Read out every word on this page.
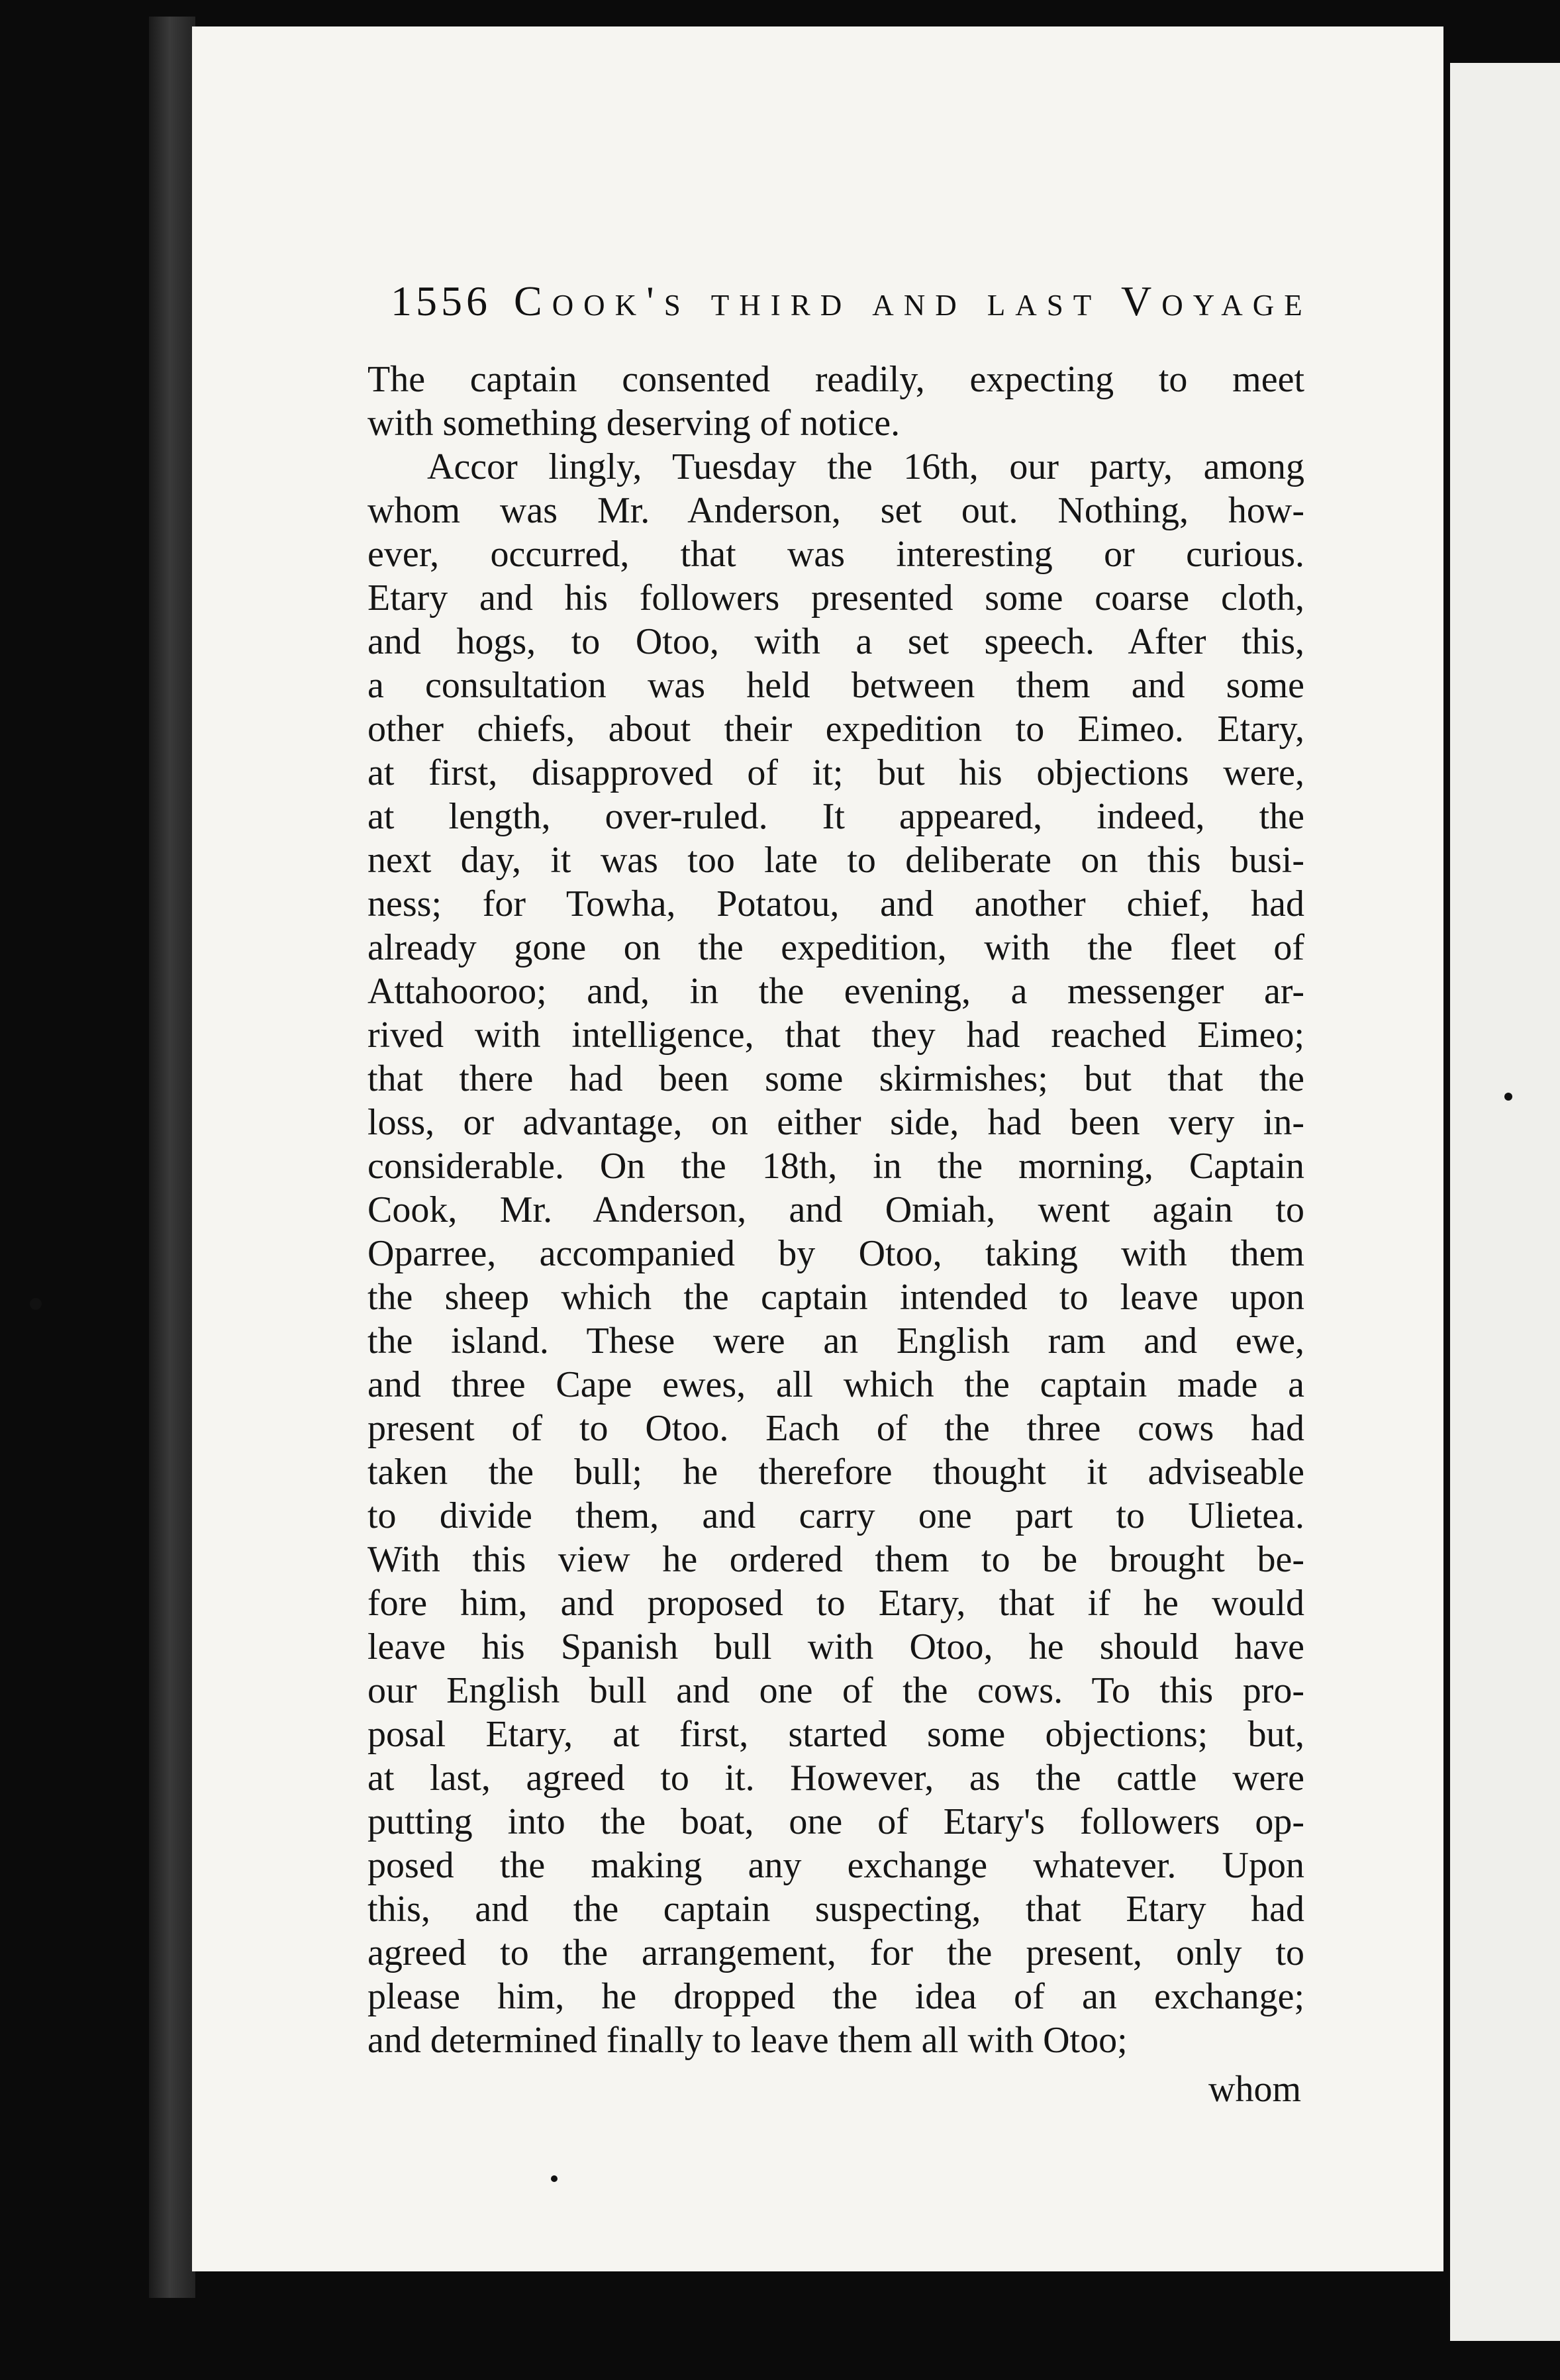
1556 Cook's third and last Voyage
The captain consented readily, expecting to meet
with something deserving of notice.
Accor lingly, Tuesday the 16th, our party, among
whom was Mr. Anderson, set out. Nothing, how-
ever, occurred, that was interesting or curious.
Etary and his followers presented some coarse cloth,
and hogs, to Otoo, with a set speech. After this,
a consultation was held between them and some
other chiefs, about their expedition to Eimeo. Etary,
at first, disapproved of it; but his objections were,
at length, over-ruled. It appeared, indeed, the
next day, it was too late to deliberate on this busi-
ness; for Towha, Potatou, and another chief, had
already gone on the expedition, with the fleet of
Attahooroo; and, in the evening, a messenger ar-
rived with intelligence, that they had reached Eimeo;
that there had been some skirmishes; but that the
loss, or advantage, on either side, had been very in-
considerable. On the 18th, in the morning, Captain
Cook, Mr. Anderson, and Omiah, went again to
Oparree, accompanied by Otoo, taking with them
the sheep which the captain intended to leave upon
the island. These were an English ram and ewe,
and three Cape ewes, all which the captain made a
present of to Otoo. Each of the three cows had
taken the bull; he therefore thought it adviseable
to divide them, and carry one part to Ulietea.
With this view he ordered them to be brought be-
fore him, and proposed to Etary, that if he would
leave his Spanish bull with Otoo, he should have
our English bull and one of the cows. To this pro-
posal Etary, at first, started some objections; but,
at last, agreed to it. However, as the cattle were
putting into the boat, one of Etary's followers op-
posed the making any exchange whatever. Upon
this, and the captain suspecting, that Etary had
agreed to the arrangement, for the present, only to
please him, he dropped the idea of an exchange;
and determined finally to leave them all with Otoo;
whom
